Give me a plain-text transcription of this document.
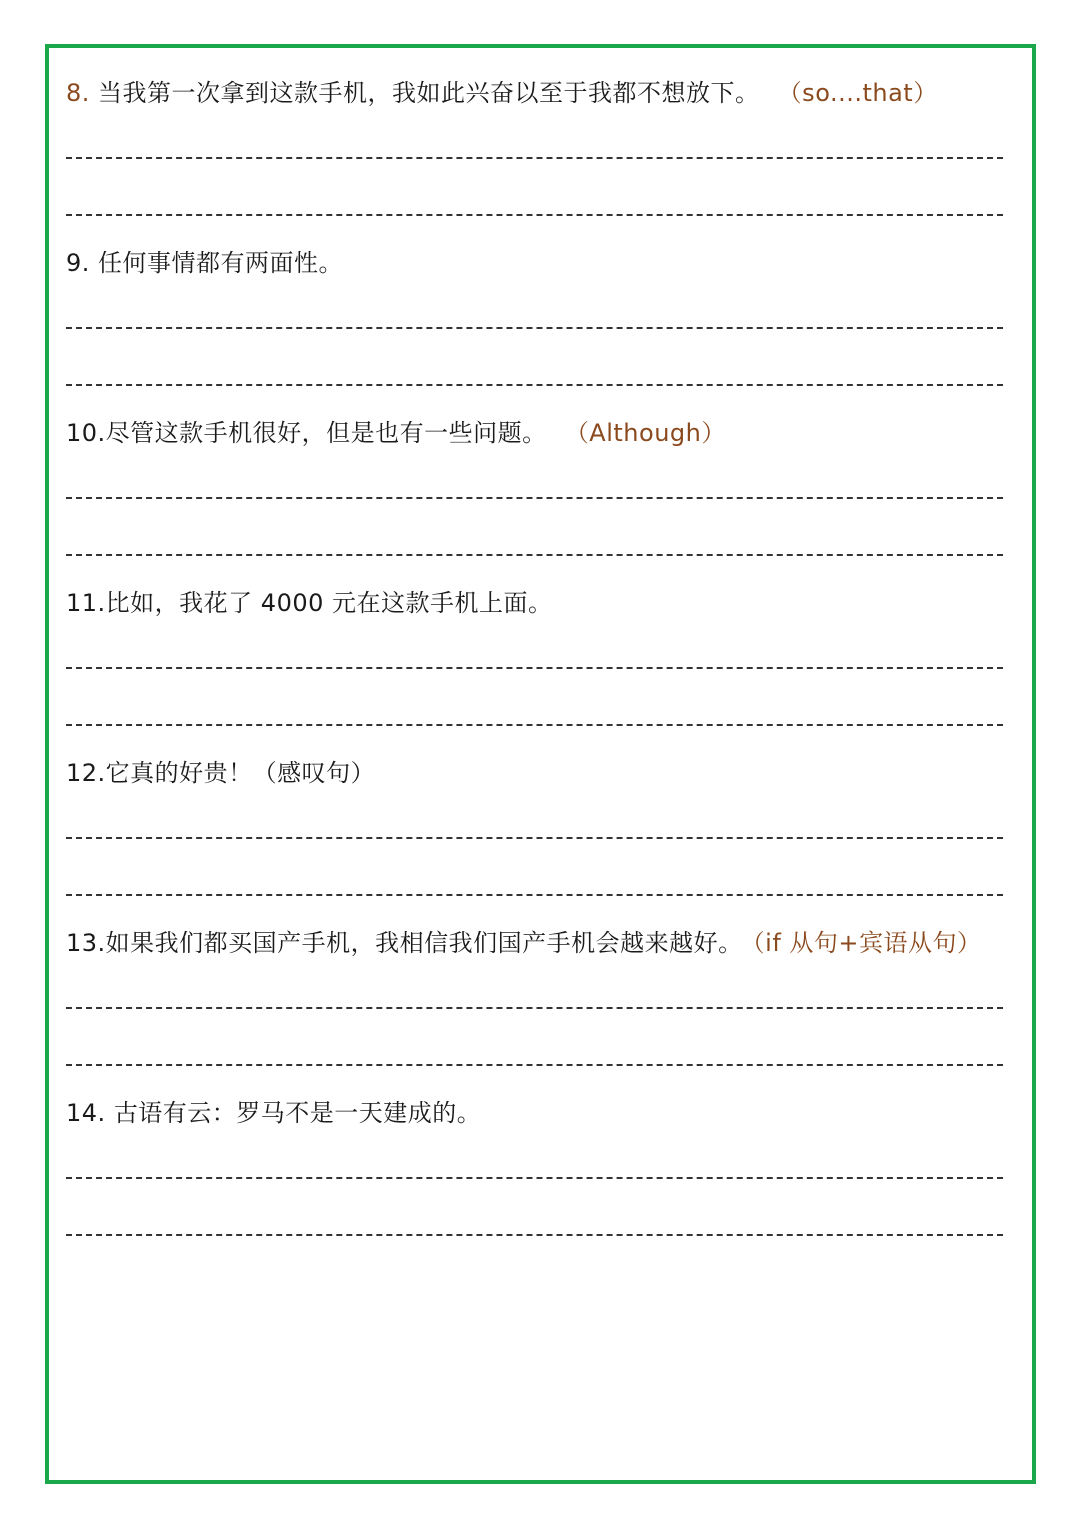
8. 当我第一次拿到这款手机，我如此兴奋以至于我都不想放下。 （so....that）
9. 任何事情都有两面性。
10.尽管这款手机很好，但是也有一些问题。 （Although）
11.比如，我花了 4000 元在这款手机上面。
12.它真的好贵！（感叹句）
13.如果我们都买国产手机，我相信我们国产手机会越来越好。 （if 从句+宾语从句）
14. 古语有云：罗马不是一天建成的。
